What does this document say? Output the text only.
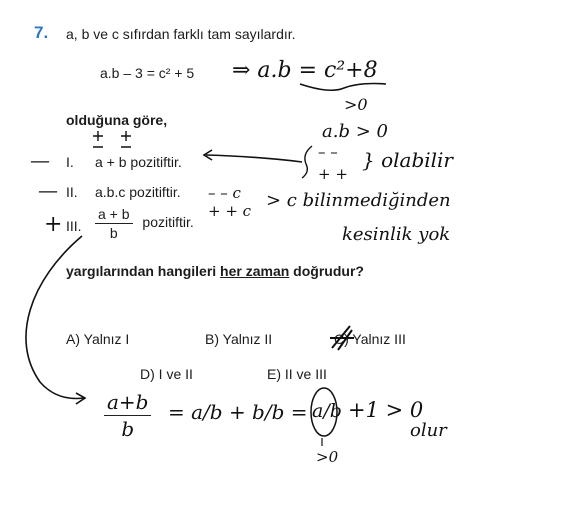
7. a, b ve c sıfırdan farklı tam sayılardır.
a.b – 3 = c² + 5
olduğuna göre,
I. a + b pozitiftir.
II. a.b.c pozitiftir.
III. $\frac{a + b}{b}$ pozitiftir.
yargılarından hangileri her zaman doğrudur?
A) Yalnız I	B) Yalnız II	C) Yalnız III
D) I ve II	E) II ve III
⇒ a.b = c²+8
>0
a.b > 0
– –
+ +
} olabilir
—
—
+
– – c
+ + c > c bilinmediğinden
kesinlik yok
$\frac{a+b}{b} = a/b + b/b = a/b +1 > 0$
olur
>0
